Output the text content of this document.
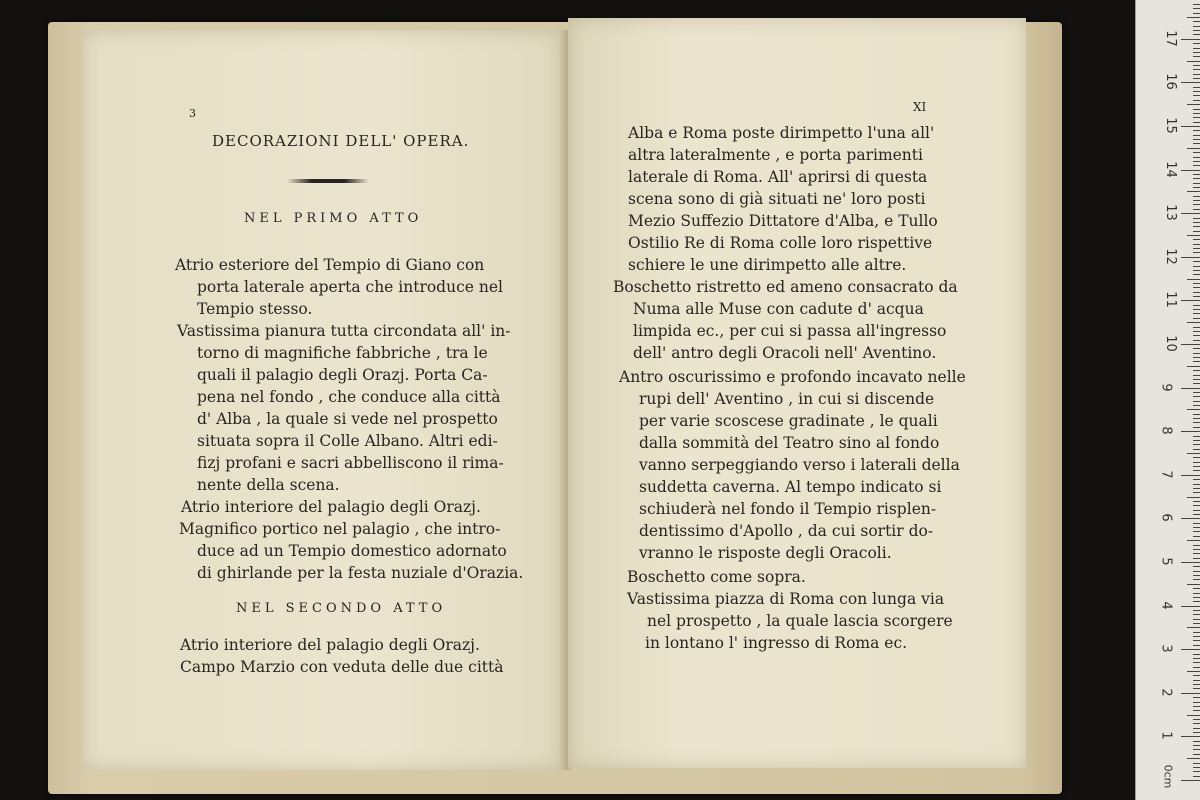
3
DECORAZIONI DELL' OPERA.
NEL PRIMO ATTO
Atrio esteriore del Tempio di Giano con
porta laterale aperta che introduce nel
Tempio stesso.
Vastissima pianura tutta circondata all' in-
torno di magnifiche fabbriche , tra le
quali il palagio degli Orazj. Porta Ca-
pena nel fondo , che conduce alla città
d' Alba , la quale si vede nel prospetto
situata sopra il Colle Albano. Altri edi-
fizj profani e sacri abbelliscono il rima-
nente della scena.
Atrio interiore del palagio degli Orazj.
Magnifico portico nel palagio , che intro-
duce ad un Tempio domestico adornato
di ghirlande per la festa nuziale d'Orazia.
NEL SECONDO ATTO
Atrio interiore del palagio degli Orazj.
Campo Marzio con veduta delle due città
XI
Alba e Roma poste dirimpetto l'una all'
altra lateralmente , e porta parimenti
laterale di Roma. All' aprirsi di questa
scena sono di già situati ne' loro posti
Mezio Suffezio Dittatore d'Alba, e Tullo
Ostilio Re di Roma colle loro rispettive
schiere le une dirimpetto alle altre.
Boschetto ristretto ed ameno consacrato da
Numa alle Muse con cadute d' acqua
limpida ec., per cui si passa all'ingresso
dell' antro degli Oracoli nell' Aventino.
Antro oscurissimo e profondo incavato nelle
rupi dell' Aventino , in cui si discende
per varie scoscese gradinate , le quali
dalla sommità del Teatro sino al fondo
vanno serpeggiando verso i laterali della
suddetta caverna. Al tempo indicato si
schiuderà nel fondo il Tempio risplen-
dentissimo d'Apollo , da cui sortir do-
vranno le risposte degli Oracoli.
Boschetto come sopra.
Vastissima piazza di Roma con lunga via
nel prospetto , la quale lascia scorgere
in lontano l' ingresso di Roma ec.
17
16
15
14
13
12
11
10
9
8
7
6
5
4
3
2
1
0cm
